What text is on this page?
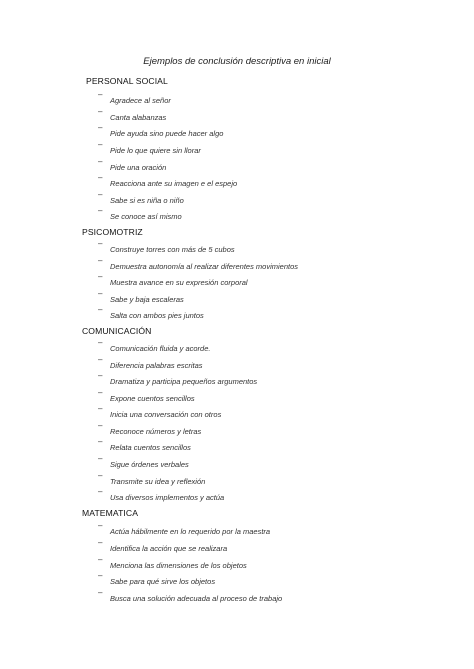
Ejemplos de conclusión descriptiva en inicial
PERSONAL SOCIAL
–
Agradece al señor
–
Canta alabanzas
–
Pide ayuda sino puede hacer algo
–
Pide lo que quiere sin llorar
–
Pide una oración
–
Reacciona ante su imagen e el espejo
–
Sabe si es niña o niño
–
Se conoce así mismo
PSICOMOTRIZ
–
Construye torres con más de 5 cubos
–
Demuestra autonomía al realizar diferentes movimientos
–
Muestra avance en su expresión corporal
–
Sabe y baja escaleras
–
Salta con ambos pies juntos
COMUNICACIÓN
–
Comunicación fluida y acorde.
–
Diferencia palabras escritas
–
Dramatiza y participa pequeños argumentos
–
Expone cuentos sencillos
–
Inicia una conversación con otros
–
Reconoce números y letras
–
Relata cuentos sencillos
–
Sigue órdenes verbales
–
Transmite su idea y reflexión
–
Usa diversos implementos y actúa
MATEMATICA
–
Actúa hábilmente en lo requerido por la maestra
–
Identifica la acción que se realizara
–
Menciona las dimensiones de los objetos
–
Sabe para qué sirve los objetos
–
Busca una solución adecuada al proceso de trabajo
